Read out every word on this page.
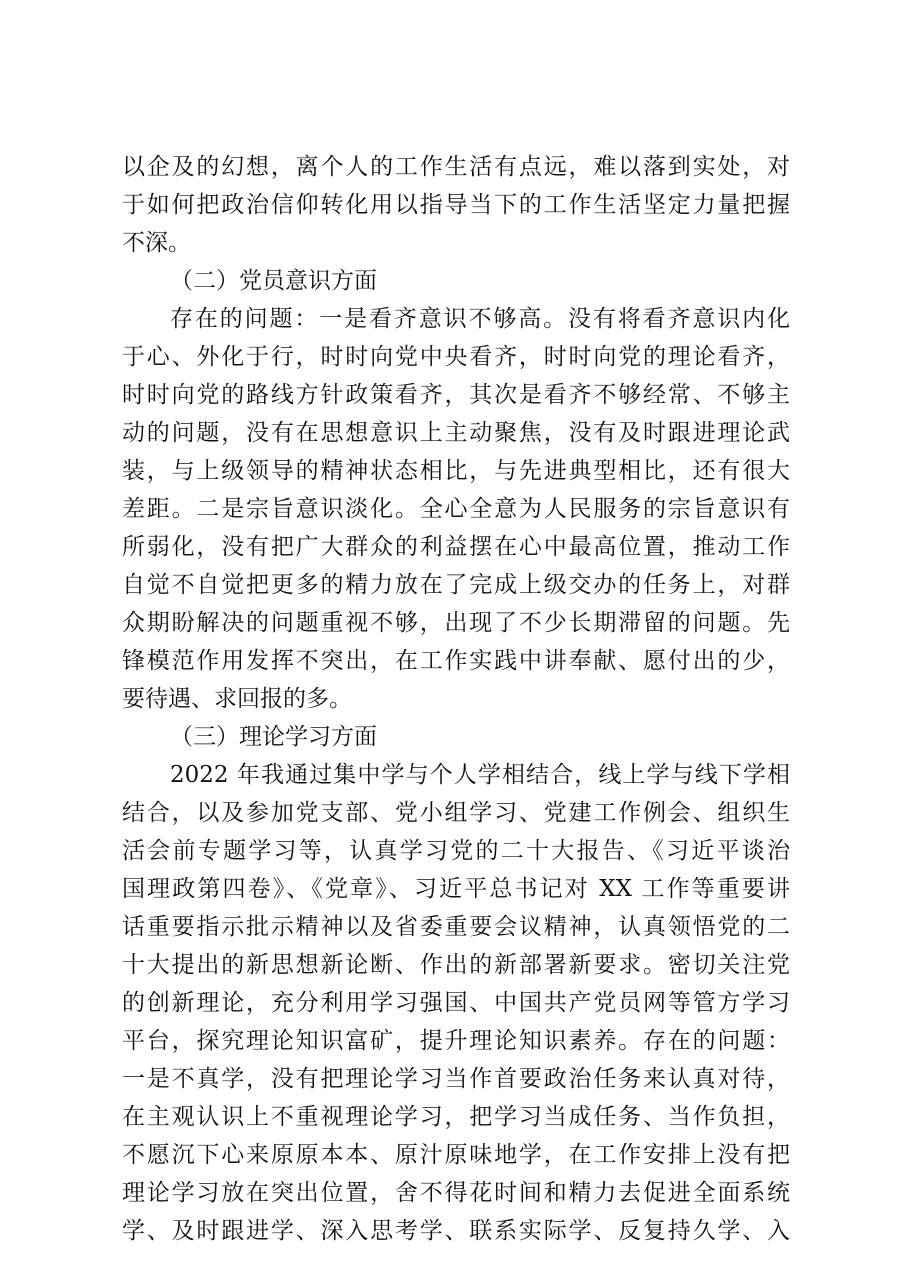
以企及的幻想，离个人的工作生活有点远，难以落到实处，对
于如何把政治信仰转化用以指导当下的工作生活坚定力量把握
不深。
（二）党员意识方面
存在的问题：一是看齐意识不够高。没有将看齐意识内化
于心、外化于行，时时向党中央看齐，时时向党的理论看齐，
时时向党的路线方针政策看齐，其次是看齐不够经常、不够主
动的问题，没有在思想意识上主动聚焦，没有及时跟进理论武
装，与上级领导的精神状态相比，与先进典型相比，还有很大
差距。二是宗旨意识淡化。全心全意为人民服务的宗旨意识有
所弱化，没有把广大群众的利益摆在心中最高位置，推动工作
自觉不自觉把更多的精力放在了完成上级交办的任务上，对群
众期盼解决的问题重视不够，出现了不少长期滞留的问题。先
锋模范作用发挥不突出，在工作实践中讲奉献、愿付出的少，
要待遇、求回报的多。
（三）理论学习方面
2022 年我通过集中学与个人学相结合，线上学与线下学相
结合，以及参加党支部、党小组学习、党建工作例会、组织生
活会前专题学习等，认真学习党的二十大报告、《习近平谈治
国理政第四卷》、《党章》、习近平总书记对 XX 工作等重要讲
话重要指示批示精神以及省委重要会议精神，认真领悟党的二
十大提出的新思想新论断、作出的新部署新要求。密切关注党
的创新理论，充分利用学习强国、中国共产党员网等管方学习
平台，探究理论知识富矿，提升理论知识素养。存在的问题：
一是不真学，没有把理论学习当作首要政治任务来认真对待，
在主观认识上不重视理论学习，把学习当成任务、当作负担，
不愿沉下心来原原本本、原汁原味地学，在工作安排上没有把
理论学习放在突出位置，舍不得花时间和精力去促进全面系统
学、及时跟进学、深入思考学、联系实际学、反复持久学、入
